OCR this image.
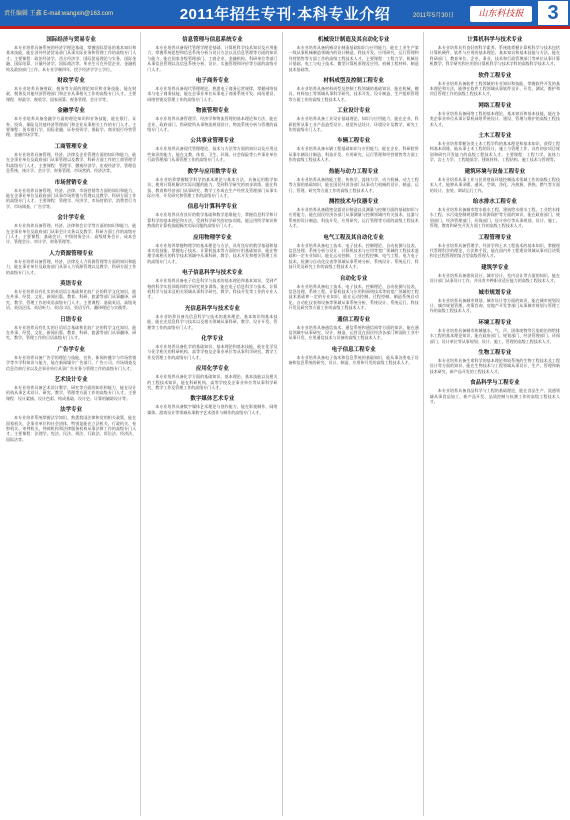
责任编辑 王鑫 E-mail:wangxin@163.com	2011年招生专刊·本科专业介绍	2011年5月30日	山东科技报	3
国际经济与贸易专业

本专业培养具备系统的经济学理论基础，掌握国际贸易的基本知识和基本技能，能在涉外经济贸易部门从事实际业务和管理工作的高级专门人才。主要课程：政治经济学、西方经济学、国际贸易理论与实务、国际金融、国际结算、计量经济学、国际商法等。毕业生可在外贸企业、金融机构及政府部门工作。本专业学制四年，授予经济学学士学位。

财政学专业

本专业培养具备财政、税务等方面的理论知识和业务技能，能在财政、税务及其他经济管理部门和企业从事相关工作的高级专门人才。主要课程：财政学、税收学、国家预算、税务管理、会计学等。

金融学专业

本专业培养具备金融学方面的理论知识和业务技能，能在银行、证券、投资、保险及其他经济管理部门和企业从事相关工作的专门人才。主要课程：货币银行学、国际金融、证券投资学、保险学、商业银行经营管理、金融市场学等。

工商管理专业

本专业培养具备管理、经济、法律及企业管理方面的知识和能力，能在企事业单位及政府部门从事管理以及教学、科研方面工作的工商管理学科高级专门人才。主要课程：管理学、微观经济学、宏观经济学、管理信息系统、统计学、会计学、财务管理、市场营销、经济法等。

市场营销专业

本专业培养具备管理、经济、法律、市场营销等方面的知识和能力，能在企事业单位及政府部门从事市场营销与管理以及教学、科研方面工作的高级专门人才。主要课程：管理学、经济学、市场营销学、消费者行为学、市场调查、广告学等。

会计学专业

本专业培养具备管理、经济、法律和会计学等方面的知识和能力，能在企事业单位及政府部门从事会计实务以及教学、科研方面工作的高级专门人才。主要课程：基础会计、中级财务会计、高级财务会计、成本会计、管理会计、审计学、财务管理等。

人力资源管理专业

本专业培养具备管理、经济、法律及人力资源管理等方面的知识和能力，能在事业单位及政府部门从事人力资源管理以及教学、科研方面工作的高级专门人才。

英语专业

本专业培养具有扎实的英语语言基础和比较广泛的科学文化知识，能在外事、经贸、文化、新闻出版、教育、科研、旅游等部门从事翻译、研究、教学、管理工作的英语高级专门人才。主要课程：基础英语、高级英语、英语泛读、英语听力、英语口语、英语写作、翻译理论与实践等。

日语专业

本专业培养具有扎实的日语语言基础和比较广泛的科学文化知识，能在外事、经贸、文化、新闻出版、教育、科研、旅游等部门从事翻译、研究、教学、管理工作的日语高级专门人才。

广告学专业

本专业培养具备广告学的理论与技能，宣传、新闻传播学与市场营销学等多学科知识与能力，能在新闻媒介广告部门、广告公司、市场调查及信息咨询行业以及企事业单位从事广告业务与管理工作的高级专门人才。

艺术设计专业

本专业培养具备艺术设计教学、研究等方面的知识和能力，能在设计机构从事艺术设计、研究、教学、管理等方面工作的高级专门人才。主要课程：设计素描、设计色彩、构成基础、设计史、计算机辅助设计等。

法学专业

本专业培养系统掌握法学知识，熟悉我国法律和党的相关政策，能在国家机关、企事业单位和社会团体，特别是能在立法机关、行政机关、检察机关、审判机关、仲裁机构和法律服务机构从事法律工作的高级专门人才。主要课程：法理学、宪法、民法、刑法、行政法、诉讼法、经济法、国际法等。

信息管理与信息系统专业

本专业培养具备现代管理学理论基础、计算机科学技术知识及应用能力，掌握系统思想和信息系统分析与设计方法以及信息管理等方面的知识与能力，能在国家各级管理部门、工商企业、金融机构、科研单位等部门从事信息管理以及信息系统分析、设计、实施管理和评价等方面的高级专门人才。

电子商务专业

本专业培养具备现代管理理论，熟悉电子商务运营规律，掌握网络技术与电子商务技能，能在企事业单位从事电子商务系统开发、网站建设、网络营销及管理工作的高级专门人才。

物流管理专业

本专业培养具备管理学、经济学和物流管理的基本理论和方法，能在企业、政府部门、科研院所从事物流规划设计、物流系统分析与管理的高级专门人才。

公共事业管理专业

本专业培养具备现代管理理论、技术与方法等方面的知识以及应用这些知识的能力，能在文教、体育、卫生、环保、社会保险等公共事业单位行政管理部门从事管理工作的高级专门人才。

数学与应用数学专业

本专业培养掌握数学科学的基本理论与基本方法，具备运用数学知识、使用计算机解决实际问题的能力，受到科学研究的初步训练，能在科技、教育和经济部门从事研究、教学工作或在生产经营及管理部门从事实际应用、开发研究和管理工作的高级专门人才。

信息与计算科学专业

本专业培养具有良好的数学基础和数学思维能力，掌握信息科学和计算科学的基本理论和方法，受到科学研究的初步训练，能运用所学知识和熟练的计算机技能解决实际问题的高级专门人才。

应用物理学专业

本专业培养掌握物理学的基本理论与方法，具有良好的数学基础和基本实验技能，掌握电子技术、计算机技术等方面的应用基础知识，能在物理学或相关的科学技术领域中从事科研、教学、技术开发和相关管理工作的高级专门人才。

电子信息科学与技术专业

本专业培养具备电子信息科学与技术的基本理论和基本知识，受到严格的科学实验训练和科学研究初步训练，能在电子信息科学与技术、计算机科学与技术及相关领域从事科学研究、教学、科技开发等工作的专业人才。

光信息科学与技术专业

本专业培养具备光信息科学与技术的基本理论、基本知识和基本技能，能在光信息科学与技术以及相关领域从事科研、教学、设计开发、管理等工作的高级专门人才。

化学专业

本专业培养具备化学的基础知识、基本理论和基本技能，能在化学及与化学相关的科研机构、高等学校及企事业单位等从事科学研究、教学工作及管理工作的高级专门人才。

应用化学专业

本专业培养具备化学方面的基础知识、基本理论、基本技能以及相关的工程技术知识，能在科研机构、高等学校及企事业单位等从事科学研究、教学工作及管理工作的高级专门人才。

数字媒体艺术专业

本专业培养具备数字媒体艺术理论与创作能力，能在影视制作、网络媒体、游戏设计等领域从事数字艺术创作与制作的高级专门人才。

机械设计制造及其自动化专业

本专业培养具备机械设计制造基础知识与应用能力，能在工业生产第一线从事机械制造领域内的设计制造、科技开发、应用研究、运行管理和经营销售等方面工作的高级工程技术人才。主要课程：工程力学、机械设计基础、电工与电子技术、微型计算机原理及应用、机械工程材料、制造技术基础等。

材料成型及控制工程专业

本专业培养具备材料成型及控制工程领域的基础知识，能在机械、模具、材料加工等领域从事科学研究、技术开发、设计制造、生产组织管理等方面工作的高级工程技术人才。

工业设计专业

本专业培养具备工业设计基础理论、知识与应用能力，能在企业、科研院所从事工业产品造型设计、视觉传达设计、环境设计及教学、研究工作的高级专门人才。

车辆工程专业

本专业培养具备车辆工程基础知识与应用能力，能在企业、科研院所从事车辆设计制造、科技开发、应用研究、运行管理和经营销售等方面工作的高级工程技术人才。

热能与动力工程专业

本专业培养具备热能工程、传热学、流体力学、动力机械、动力工程等方面的基础知识，能在国民经济各部门从事动力机械的设计、制造、运行、管理、研究等方面工作的高级工程技术人才。

测控技术与仪器专业

本专业培养具备精密仪器设计制造以及测量与控制方面的基础知识与应用能力，能在国民经济各部门从事测量与控制领域内有关技术、仪器与系统的设计制造、科技开发、应用研究、运行管理等方面的高级工程技术人才。

电气工程及其自动化专业

本专业培养具备电工技术、电子技术、控制理论、自动检测与仪表、信息处理、系统分析与设计、计算机技术与应用等宽广领域的工程技术基础和一定专业知识，能在运动控制、工业过程控制、电气工程、电力电子技术、检测与自动化仪表等领域从事系统分析、系统设计、系统运行、科技开发及研究工作的高级工程技术人才。

自动化专业

本专业培养具备电工技术、电子技术、控制理论、自动检测与仪表、信息处理、系统工程、计算机技术与应用和网络技术等较宽广领域的工程技术基础和一定的专业知识，能在运动控制、过程控制、制造系统自动化、自动化仪表和设备等领域从事系统分析、系统设计、系统运行、科技开发及研究等方面工作的高级工程技术人才。

通信工程专业

本专业培养具备通信技术、通信系统和通信网等方面的知识，能在通信领域中从事研究、设计、制造、运营及在国民经济各部门和国防工业中从事开发、应用通信技术与设备的高级工程技术人才。

电子信息工程专业

本专业培养具备电子技术和信息系统的基础知识，能从事各类电子设备和信息系统的研究、设计、制造、应用和开发的高级工程技术人才。

计算机科学与技术专业

本专业培养具有良好的科学素养，系统地掌握计算机科学与技术包括计算机硬件、软件与应用的基本理论、基本知识和基本技能与方法，能在科研部门、教育单位、企业、事业、技术和行政管理部门等单位从事计算机教学、科学研究和应用的计算机科学与技术学科的高级科学技术人才。

软件工程专业

本专业培养具备软件工程领域的专业知识和技能，掌握软件开发的基本理论和方法，能够在软件工程领域从事软件设计、开发、测试、维护和项目管理工作的高级工程技术人才。

网络工程专业

本专业培养具备网络工程的基本理论、基本知识和基本技能，能在各类企事业单位从事计算机网络系统设计、建设、管理与维护的高级工程技术人才。

土木工程专业

本专业培养掌握各类土木工程学科的基本理论和基本知识，获得工程师基本训练，能从事土木工程的设计、施工与管理工作，具有初步项目规划和研究开发能力的高级工程技术人才。主要课程：工程力学、流体力学、岩土力学、工程地质学、建筑材料、工程结构、施工技术与管理等。

建筑环境与设备工程专业

本专业培养从事工业与民用建筑环境控制技术领域工作的高级工程技术人才，能够从事采暖、通风、空调、净化、冷热源、供热、燃气等方面的设计、安装、调试运行工作。

给水排水工程专业

本专业培养具备城市给水排水工程、建筑给水排水工程、工业给水排水工程、水污染控制规划和水资源保护等方面的知识，能在政府部门、规划部门、经济管理部门、环保部门、设计单位等从事规划、设计、施工、管理、教育和研究开发方面工作的高级工程技术人才。

工程管理专业

本专业培养具备管理学、经济学和土木工程技术的基本知识，掌握现代管理科学的理论、方法和手段，能在国内外工程建设领域从事项目决策和全过程管理的复合型高级管理人才。

建筑学专业

本专业培养具备建筑设计、城市设计、室内设计等方面的知识，能在设计部门从事设计工作，并具有多种职业适应能力的高级工程技术人才。

城市规划专业

本专业培养具备城市规划、城市设计等方面的知识，能在城市规划设计、城市规划管理、决策咨询、房地产开发等部门从事城市规划与管理工作的高级工程技术人才。

环境工程专业

本专业培养具备城市和城镇水、气、声、固体废物等污染防治和给排水工程的基本理论知识，能在政府部门、规划部门、经济管理部门、环保部门、设计单位等从事规划、设计、施工、管理的高级工程技术人才。

生物工程专业

本专业培养具备生命科学的基本理论和较系统的生物工程技术及工程设计等方面的知识，能在生物技术与工程领域从事设计、生产、管理和新技术研究、新产品开发的工程技术人才。

食品科学与工程专业

本专业培养具备食品科学与工程的基础理论，能在食品生产、流通领域从事食品加工、新产品开发、品质控制与检测工作的高级工程技术人才。
